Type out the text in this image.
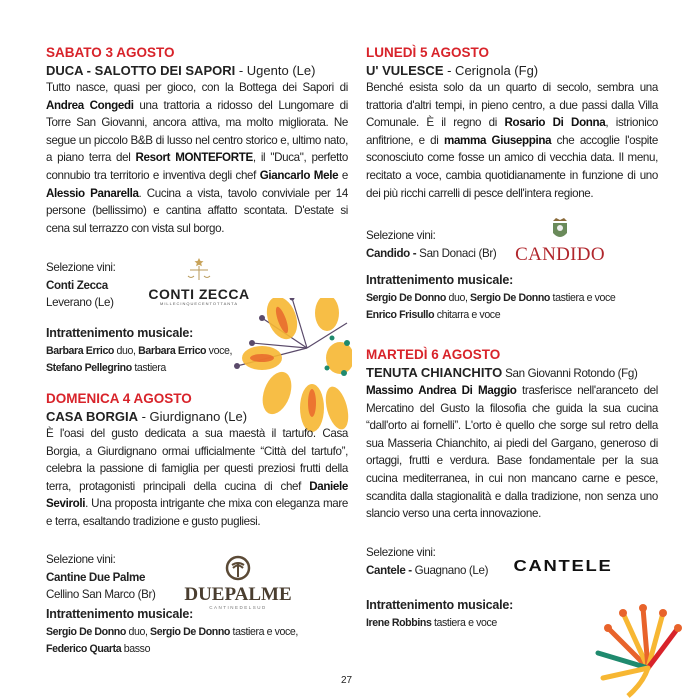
SABATO 3 AGOSTO
DUCA - SALOTTO DEI SAPORI - Ugento (Le)
Tutto nasce, quasi per gioco, con la Bottega dei Sapori di Andrea Congedi una trattoria a ridosso del Lungomare di Torre San Giovanni, ancora attiva, ma molto migliorata. Ne segue un piccolo B&B di lusso nel centro storico e, ultimo nato, a piano terra del Resort MONTEFORTE, il "Duca", perfetto connubio tra territorio e inventiva degli chef Giancarlo Mele e Alessio Panarella. Cucina a vista, tavolo conviviale per 14 persone (bellissimo) e cantina affatto scontata. D'estate si cena sul terrazzo con vista sul borgo.
Selezione vini:
Conti Zecca
Leverano (Le)
CONTI ZECCA
MILLECINQUECENTOTTANTA
Intrattenimento musicale:
Barbara Errico duo, Barbara Errico voce,
Stefano Pellegrino tastiera
DOMENICA 4 AGOSTO
CASA BORGIA - Giurdignano (Le)
È l'oasi del gusto dedicata a sua maestà il tartufo. Casa Borgia, a Giurdignano ormai ufficialmente “Città del tartufo”, celebra la passione di famiglia per questi preziosi frutti della terra, protagonisti principali della cucina di chef Daniele Seviroli. Una proposta intrigante che mixa con eleganza mare e terra, esaltando tradizione e gusto pugliesi.
Selezione vini:
Cantine Due Palme
Cellino San Marco (Br)	DUEPALME
CANTINEDELSUD
Intrattenimento musicale:
Sergio De Donno duo, Sergio De Donno tastiera e voce,
Federico Quarta basso
LUNEDÌ 5 AGOSTO
U' VULESCE - Cerignola (Fg)
Benché esista solo da un quarto di secolo, sembra una trattoria d'altri tempi, in pieno centro, a due passi dalla Villa Comunale. È il regno di Rosario Di Donna, istrionico anfitrione, e di mamma Giuseppina che accoglie l'ospite sconosciuto come fosse un amico di vecchia data. Il menu, recitato a voce, cambia quotidianamente in funzione di uno dei più ricchi carrelli di pesce dell'intera regione.
Selezione vini:
Candido - San Donaci (Br) CANDIDO
Intrattenimento musicale:
Sergio De Donno duo, Sergio De Donno tastiera e voce
Enrico Frisullo chitarra e voce
MARTEDÌ 6 AGOSTO
TENUTA CHIANCHITO San Giovanni Rotondo (Fg)
Massimo Andrea Di Maggio trasferisce nell'aranceto del Mercatino del Gusto la filosofia che guida la sua cucina “dall'orto ai fornelli”. L'orto è quello che sorge sul retro della sua Masseria Chianchito, ai piedi del Gargano, generoso di ortaggi, frutti e verdura. Base fondamentale per la sua cucina mediterranea, in cui non mancano carne e pesce, scandita dalla stagionalità e dalla tradizione, non senza uno slancio verso una certa innovazione.
Selezione vini:
Cantele - Guagnano (Le)	CANTELE
Intrattenimento musicale:
Irene Robbins tastiera e voce
27
